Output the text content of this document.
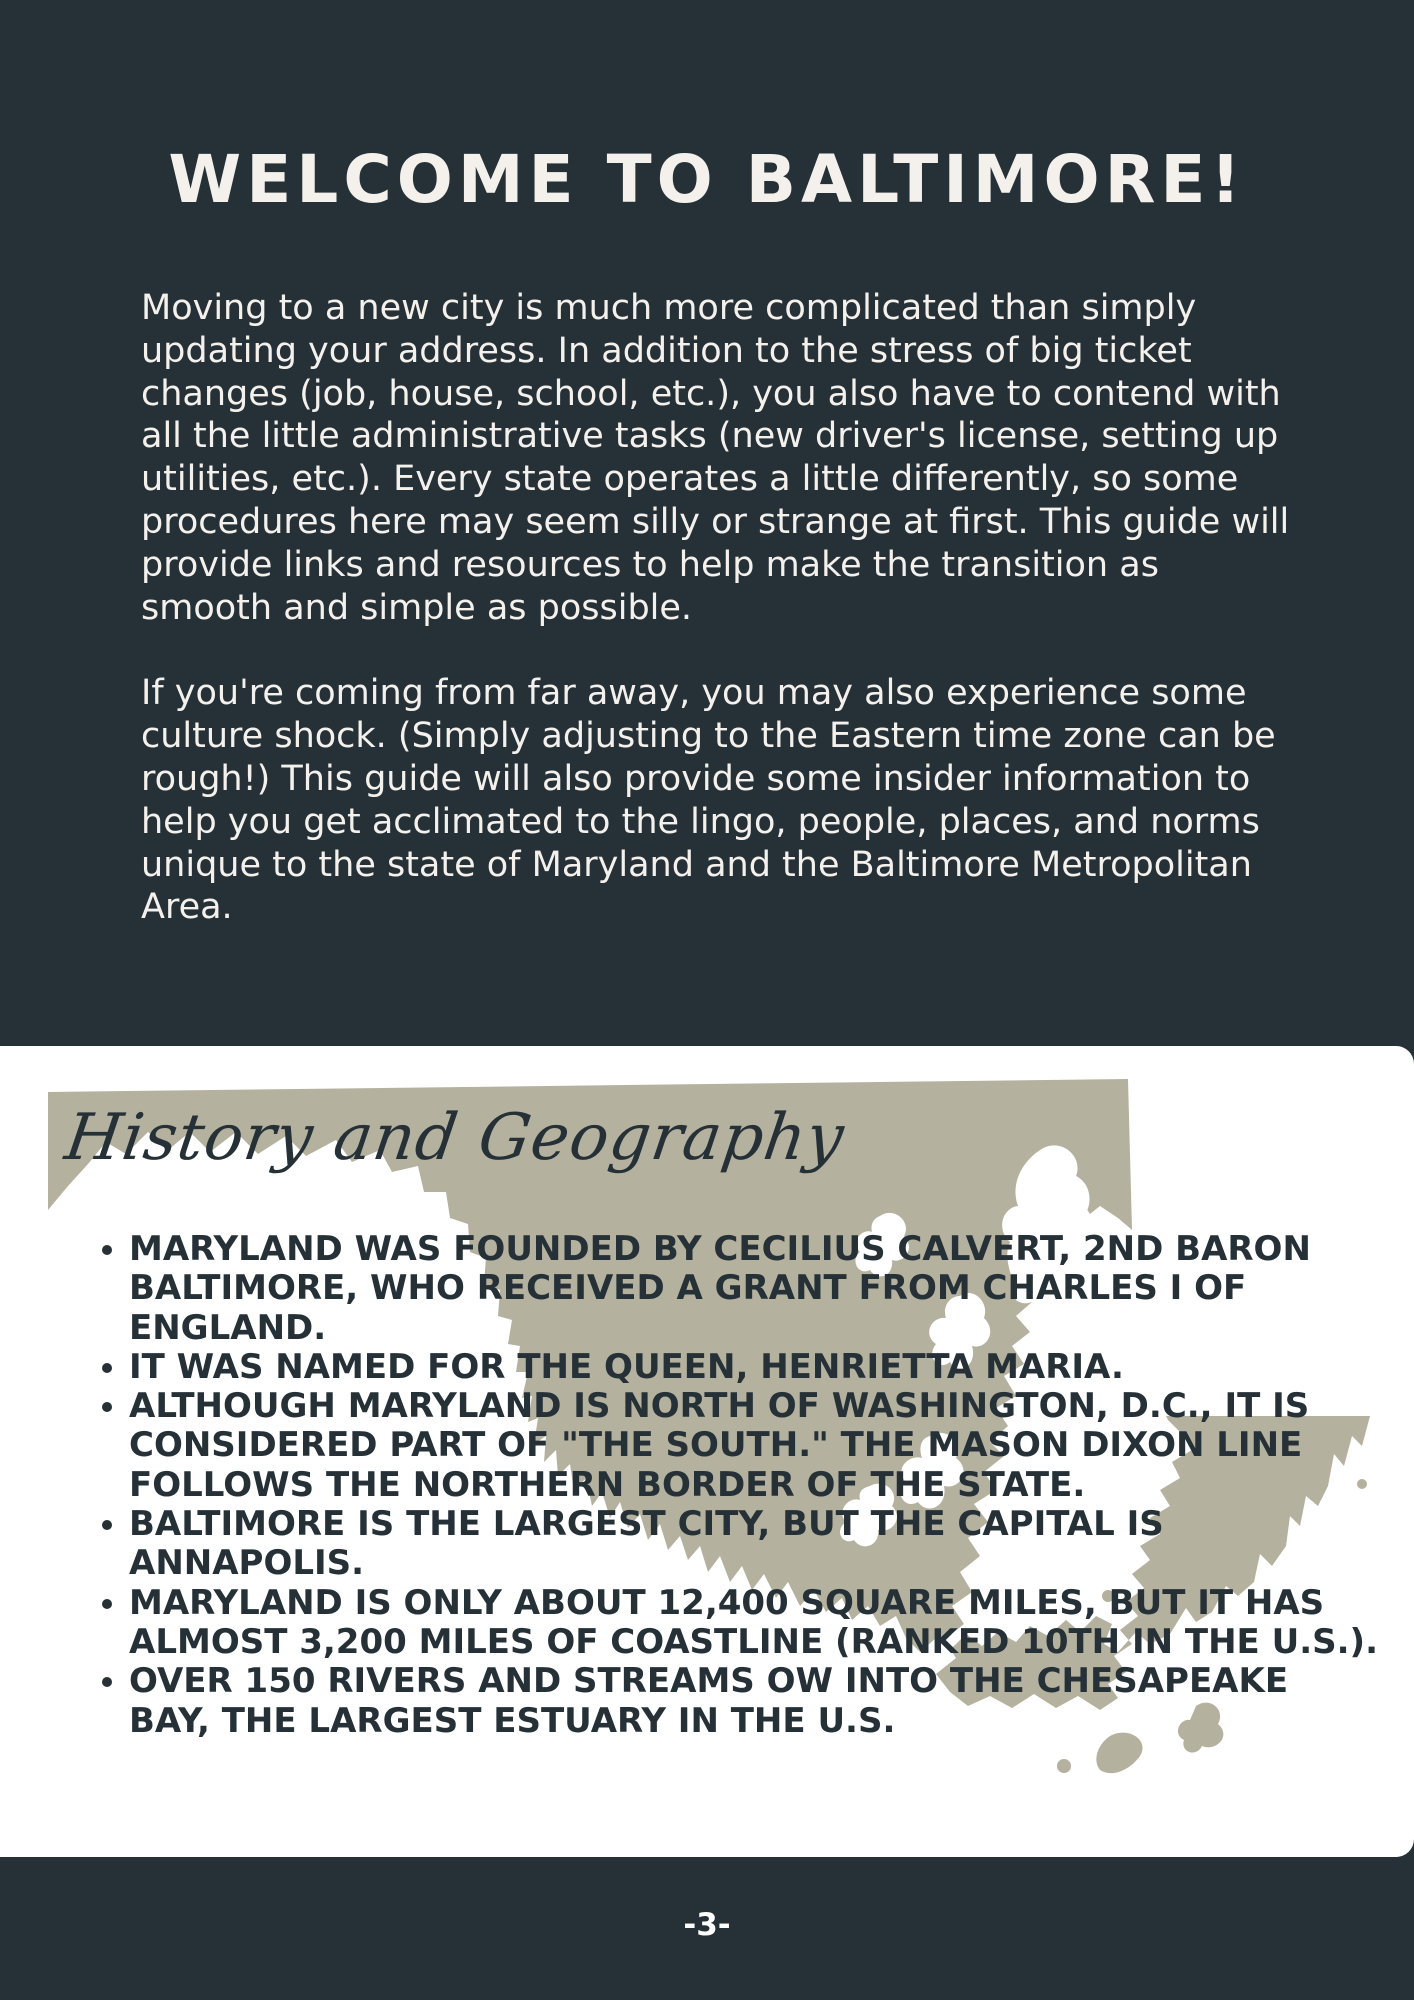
WELCOME TO BALTIMORE!

Moving to a new city is much more complicated than simply updating your address. In addition to the stress of big ticket changes (job, house, school, etc.), you also have to contend with all the little administrative tasks (new driver's license, setting up utilities, etc.). Every state operates a little differently, so some procedures here may seem silly or strange at first. This guide will provide links and resources to help make the transition as smooth and simple as possible.

If you're coming from far away, you may also experience some culture shock. (Simply adjusting to the Eastern time zone can be rough!) This guide will also provide some insider information to help you get acclimated to the lingo, people, places, and norms unique to the state of Maryland and the Baltimore Metropolitan Area.

History and Geography
• MARYLAND WAS FOUNDED BY CECILIUS CALVERT, 2ND BARON BALTIMORE, WHO RECEIVED A GRANT FROM CHARLES I OF ENGLAND.
• IT WAS NAMED FOR THE QUEEN, HENRIETTA MARIA.
• ALTHOUGH MARYLAND IS NORTH OF WASHINGTON, D.C., IT IS CONSIDERED PART OF "THE SOUTH." THE MASON DIXON LINE FOLLOWS THE NORTHERN BORDER OF THE STATE.
• BALTIMORE IS THE LARGEST CITY, BUT THE CAPITAL IS ANNAPOLIS.
• MARYLAND IS ONLY ABOUT 12,400 SQUARE MILES, BUT IT HAS ALMOST 3,200 MILES OF COASTLINE (RANKED 10TH IN THE U.S.).
• OVER 150 RIVERS AND STREAMS OW INTO THE CHESAPEAKE BAY, THE LARGEST ESTUARY IN THE U.S.
-3-
